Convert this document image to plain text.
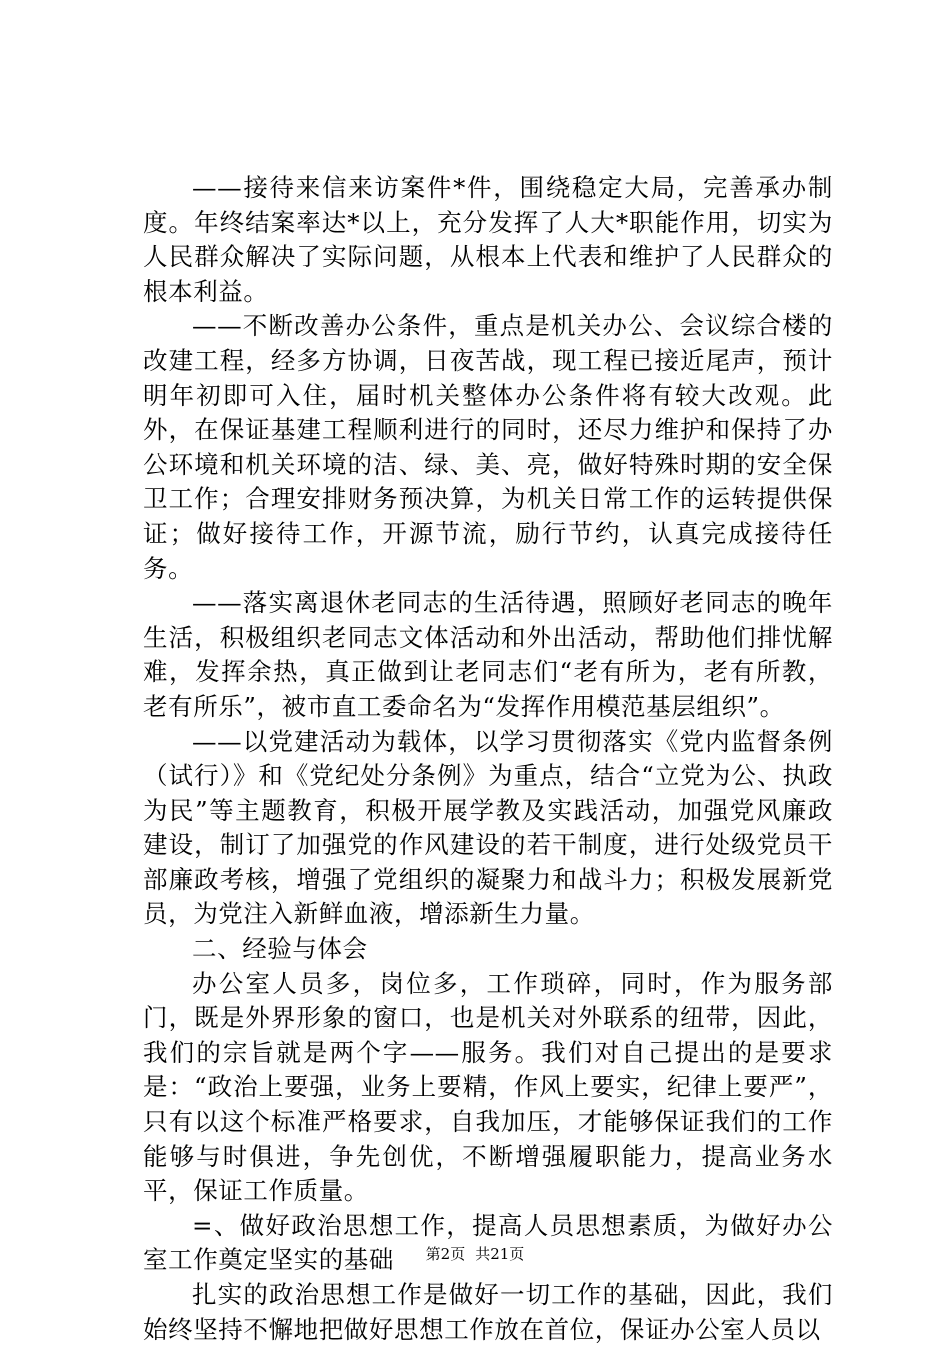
——接待来信来访案件*件，围绕稳定大局，完善承办制度。年终结案率达*以上，充分发挥了人大*职能作用，切实为人民群众解决了实际问题，从根本上代表和维护了人民群众的根本利益。

——不断改善办公条件，重点是机关办公、会议综合楼的改建工程，经多方协调，日夜苦战，现工程已接近尾声，预计明年初即可入住，届时机关整体办公条件将有较大改观。此外，在保证基建工程顺利进行的同时，还尽力维护和保持了办公环境和机关环境的洁、绿、美、亮，做好特殊时期的安全保卫工作；合理安排财务预决算，为机关日常工作的运转提供保证；做好接待工作，开源节流，励行节约，认真完成接待任务。

——落实离退休老同志的生活待遇，照顾好老同志的晚年生活，积极组织老同志文体活动和外出活动，帮助他们排忧解难，发挥余热，真正做到让老同志们“老有所为，老有所教，老有所乐”，被市直工委命名为“发挥作用模范基层组织”。

——以党建活动为载体，以学习贯彻落实《党内监督条例（试行）》和《党纪处分条例》为重点，结合“立党为公、执政为民”等主题教育，积极开展学教及实践活动，加强党风廉政建设，制订了加强党的作风建设的若干制度，进行处级党员干部廉政考核，增强了党组织的凝聚力和战斗力；积极发展新党员，为党注入新鲜血液，增添新生力量。

二、经验与体会

办公室人员多，岗位多，工作琐碎，同时，作为服务部门，既是外界形象的窗口，也是机关对外联系的纽带，因此，我们的宗旨就是两个字——服务。我们对自己提出的是要求是：“政治上要强，业务上要精，作风上要实，纪律上要严”，只有以这个标准严格要求，自我加压，才能够保证我们的工作能够与时俱进，争先创优，不断增强履职能力，提高业务水平，保证工作质量。

=、做好政治思想工作，提高人员思想素质，为做好办公室工作奠定坚实的基础

扎实的政治思想工作是做好一切工作的基础，因此，我们始终坚持不懈地把做好思想工作放在首位，保证办公室人员以

第2页 共21页
